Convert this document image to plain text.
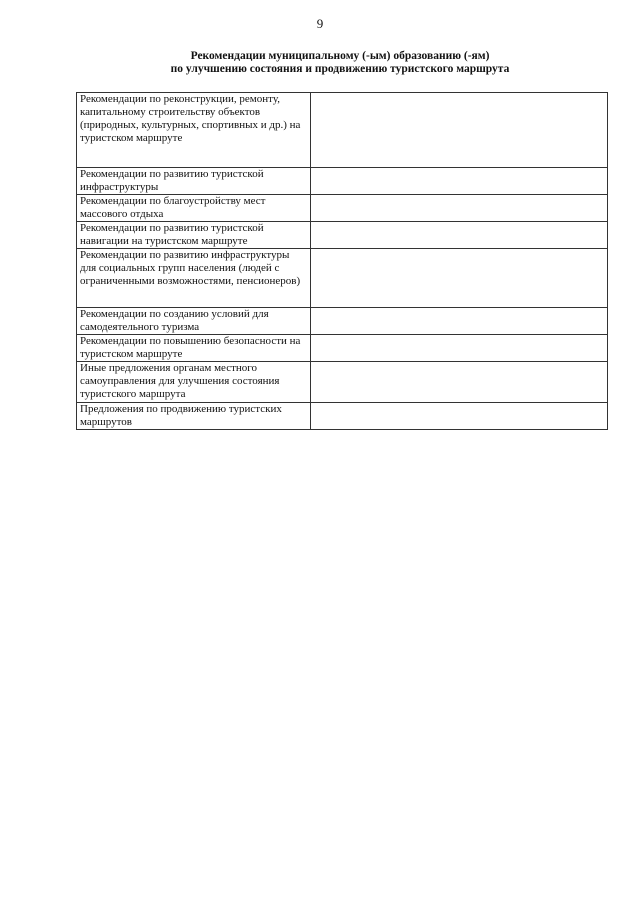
9
Рекомендации муниципальному (-ым) образованию (-ям)
по улучшению состояния и продвижению туристского маршрута
Рекомендации по реконструкции, ремонту, капитальному строительству объектов (природных, культурных, спортивных и др.) на туристском маршруте	
Рекомендации по развитию туристской инфраструктуры	
Рекомендации по благоустройству мест массового отдыха	
Рекомендации по развитию туристской навигации на туристском маршруте	
Рекомендации по развитию инфраструктуры для социальных групп населения (людей с ограниченными возможностями, пенсионеров)	
Рекомендации по созданию условий для самодеятельного туризма	
Рекомендации по повышению безопасности на туристском маршруте	
Иные предложения органам местного самоуправления для улучшения состояния туристского маршрута	
Предложения по продвижению туристских маршрутов	
